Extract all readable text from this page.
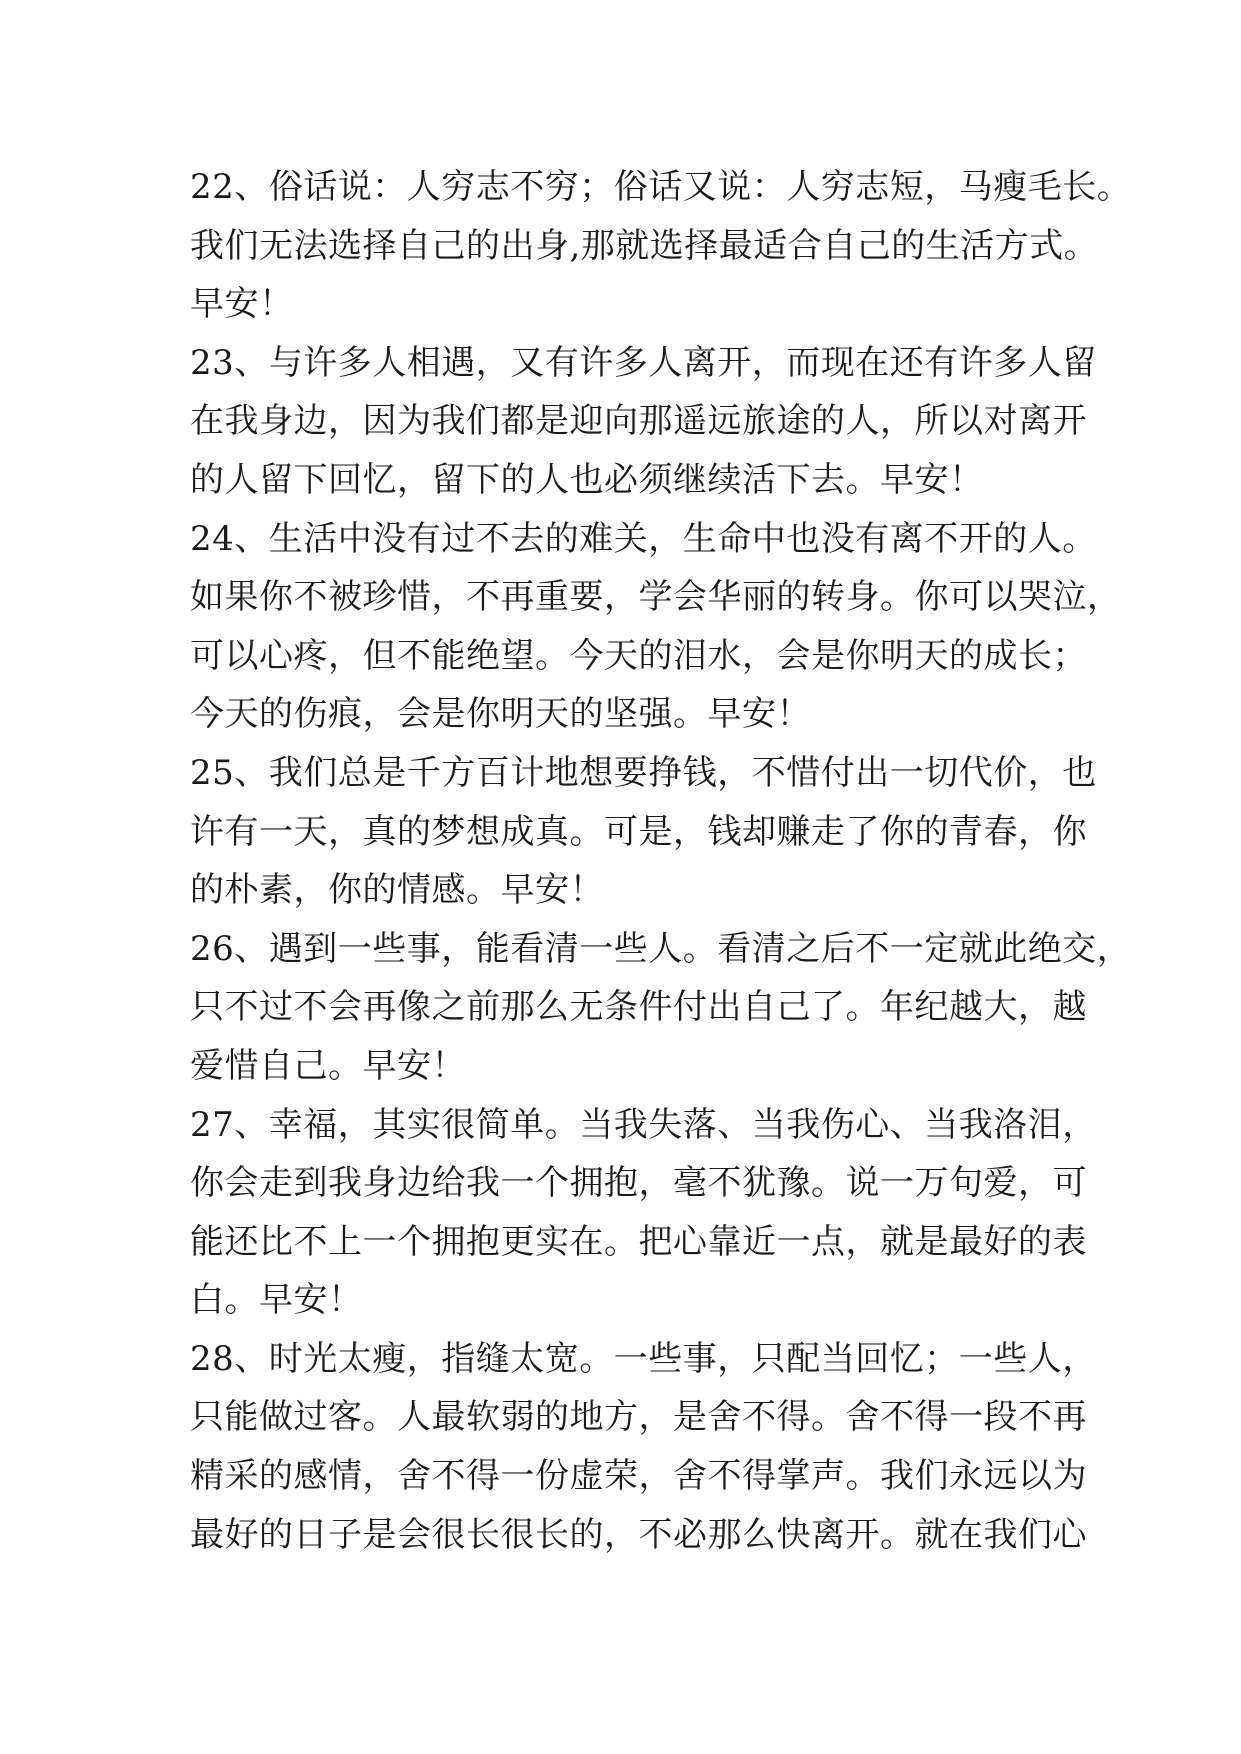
22、俗话说：人穷志不穷；俗话又说：人穷志短，马瘦毛长。
我们无法选择自己的出身,那就选择最适合自己的生活方式。
早安！
23、与许多人相遇，又有许多人离开，而现在还有许多人留
在我身边，因为我们都是迎向那遥远旅途的人，所以对离开
的人留下回忆，留下的人也必须继续活下去。早安！
24、生活中没有过不去的难关，生命中也没有离不开的人。
如果你不被珍惜，不再重要，学会华丽的转身。你可以哭泣，
可以心疼，但不能绝望。今天的泪水，会是你明天的成长；
今天的伤痕，会是你明天的坚强。早安！
25、我们总是千方百计地想要挣钱，不惜付出一切代价，也
许有一天，真的梦想成真。可是，钱却赚走了你的青春，你
的朴素，你的情感。早安！
26、遇到一些事，能看清一些人。看清之后不一定就此绝交，
只不过不会再像之前那么无条件付出自己了。年纪越大，越
爱惜自己。早安！
27、幸福，其实很简单。当我失落、当我伤心、当我洛泪，
你会走到我身边给我一个拥抱，毫不犹豫。说一万句爱，可
能还比不上一个拥抱更实在。把心靠近一点，就是最好的表
白。早安！
28、时光太瘦，指缝太宽。一些事，只配当回忆；一些人，
只能做过客。人最软弱的地方，是舍不得。舍不得一段不再
精采的感情，舍不得一份虚荣，舍不得掌声。我们永远以为
最好的日子是会很长很长的，不必那么快离开。就在我们心
